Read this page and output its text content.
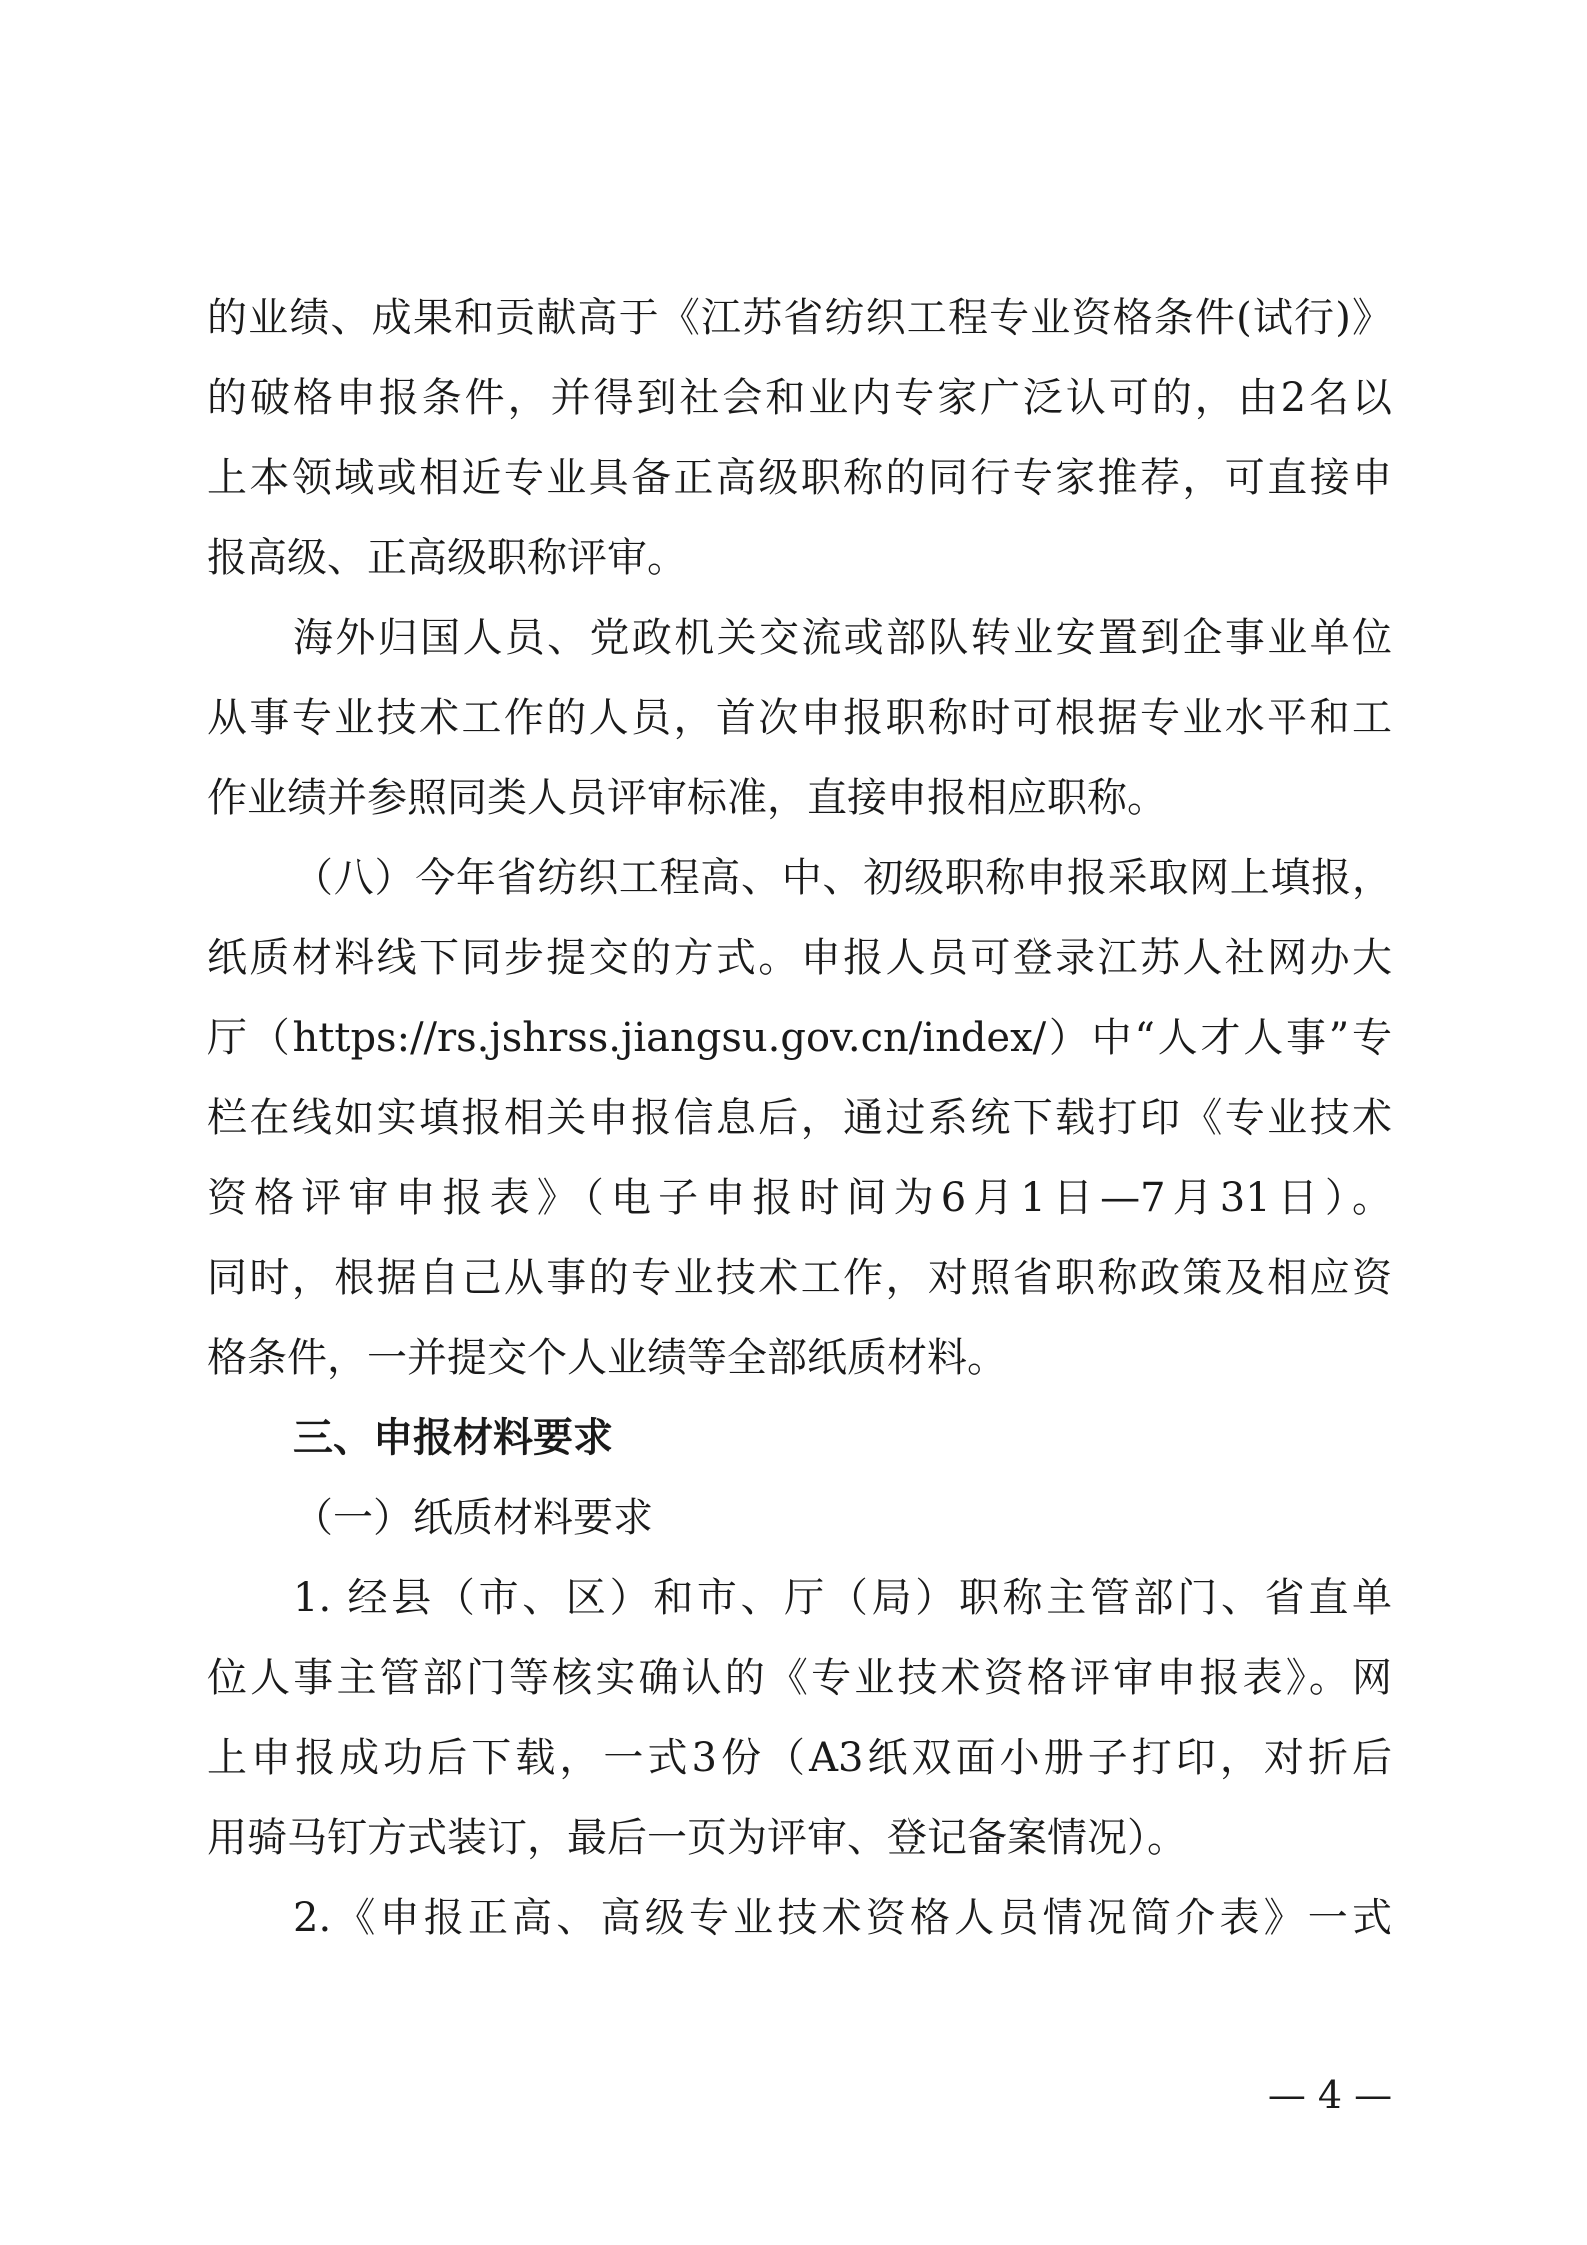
的业绩、成果和贡献高于《江苏省纺织工程专业资格条件(试行)》
的破格申报条件，并得到社会和业内专家广泛认可的，由2名以
上本领域或相近专业具备正高级职称的同行专家推荐，可直接申
报高级、正高级职称评审。
海外归国人员、党政机关交流或部队转业安置到企事业单位
从事专业技术工作的人员，首次申报职称时可根据专业水平和工
作业绩并参照同类人员评审标准，直接申报相应职称。
（八）今年省纺织工程高、中、初级职称申报采取网上填报，
纸质材料线下同步提交的方式。申报人员可登录江苏人社网办大
厅（https://rs.jshrss.jiangsu.gov.cn/index/）中“人才人事”专
栏在线如实填报相关申报信息后，通过系统下载打印《专业技术
资格评审申报表》（电子申报时间为6月1日—7月31日）。
同时，根据自己从事的专业技术工作，对照省职称政策及相应资
格条件，一并提交个人业绩等全部纸质材料。
三、申报材料要求
（一）纸质材料要求
1. 经县（市、区）和市、厅（局）职称主管部门、省直单
位人事主管部门等核实确认的《专业技术资格评审申报表》。网
上申报成功后下载，一式3份（A3纸双面小册子打印，对折后
用骑马钉方式装订，最后一页为评审、登记备案情况）。
2.《申报正高、高级专业技术资格人员情况简介表》一式
— 4 —
